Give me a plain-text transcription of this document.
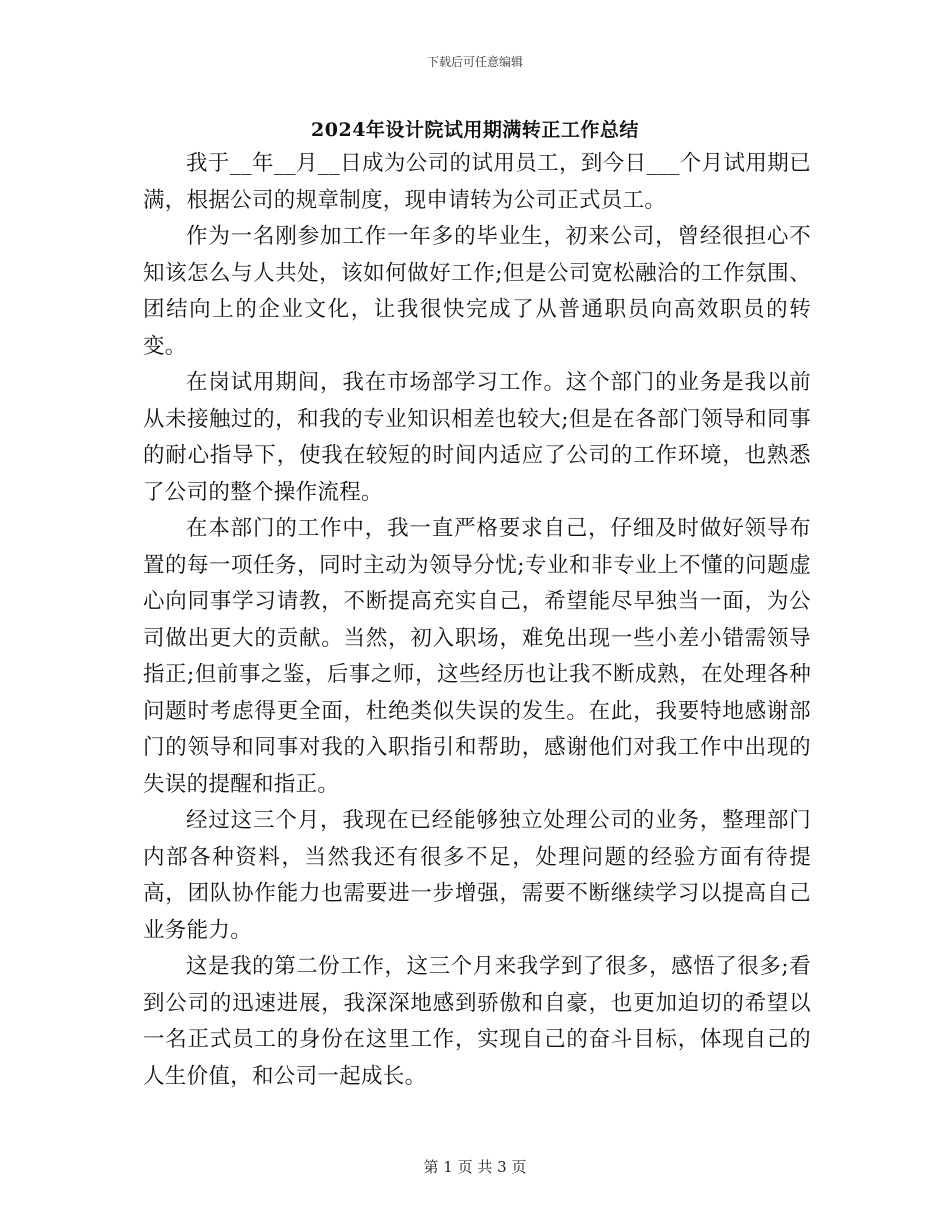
下载后可任意编辑
2024年设计院试用期满转正工作总结

我于__年__月__日成为公司的试用员工，到今日___个月试用期已满，根据公司的规章制度，现申请转为公司正式员工。

作为一名刚参加工作一年多的毕业生，初来公司，曾经很担心不知该怎么与人共处，该如何做好工作;但是公司宽松融洽的工作氛围、团结向上的企业文化，让我很快完成了从普通职员向高效职员的转变。

在岗试用期间，我在市场部学习工作。这个部门的业务是我以前从未接触过的，和我的专业知识相差也较大;但是在各部门领导和同事的耐心指导下，使我在较短的时间内适应了公司的工作环境，也熟悉了公司的整个操作流程。

在本部门的工作中，我一直严格要求自己，仔细及时做好领导布置的每一项任务，同时主动为领导分忧;专业和非专业上不懂的问题虚心向同事学习请教，不断提高充实自己，希望能尽早独当一面，为公司做出更大的贡献。当然，初入职场，难免出现一些小差小错需领导指正;但前事之鉴，后事之师，这些经历也让我不断成熟，在处理各种问题时考虑得更全面，杜绝类似失误的发生。在此，我要特地感谢部门的领导和同事对我的入职指引和帮助，感谢他们对我工作中出现的失误的提醒和指正。

经过这三个月，我现在已经能够独立处理公司的业务，整理部门内部各种资料，当然我还有很多不足，处理问题的经验方面有待提高，团队协作能力也需要进一步增强，需要不断继续学习以提高自己业务能力。

这是我的第二份工作，这三个月来我学到了很多，感悟了很多;看到公司的迅速进展，我深深地感到骄傲和自豪，也更加迫切的希望以一名正式员工的身份在这里工作，实现自己的奋斗目标，体现自己的人生价值，和公司一起成长。

第 1 页 共 3 页
